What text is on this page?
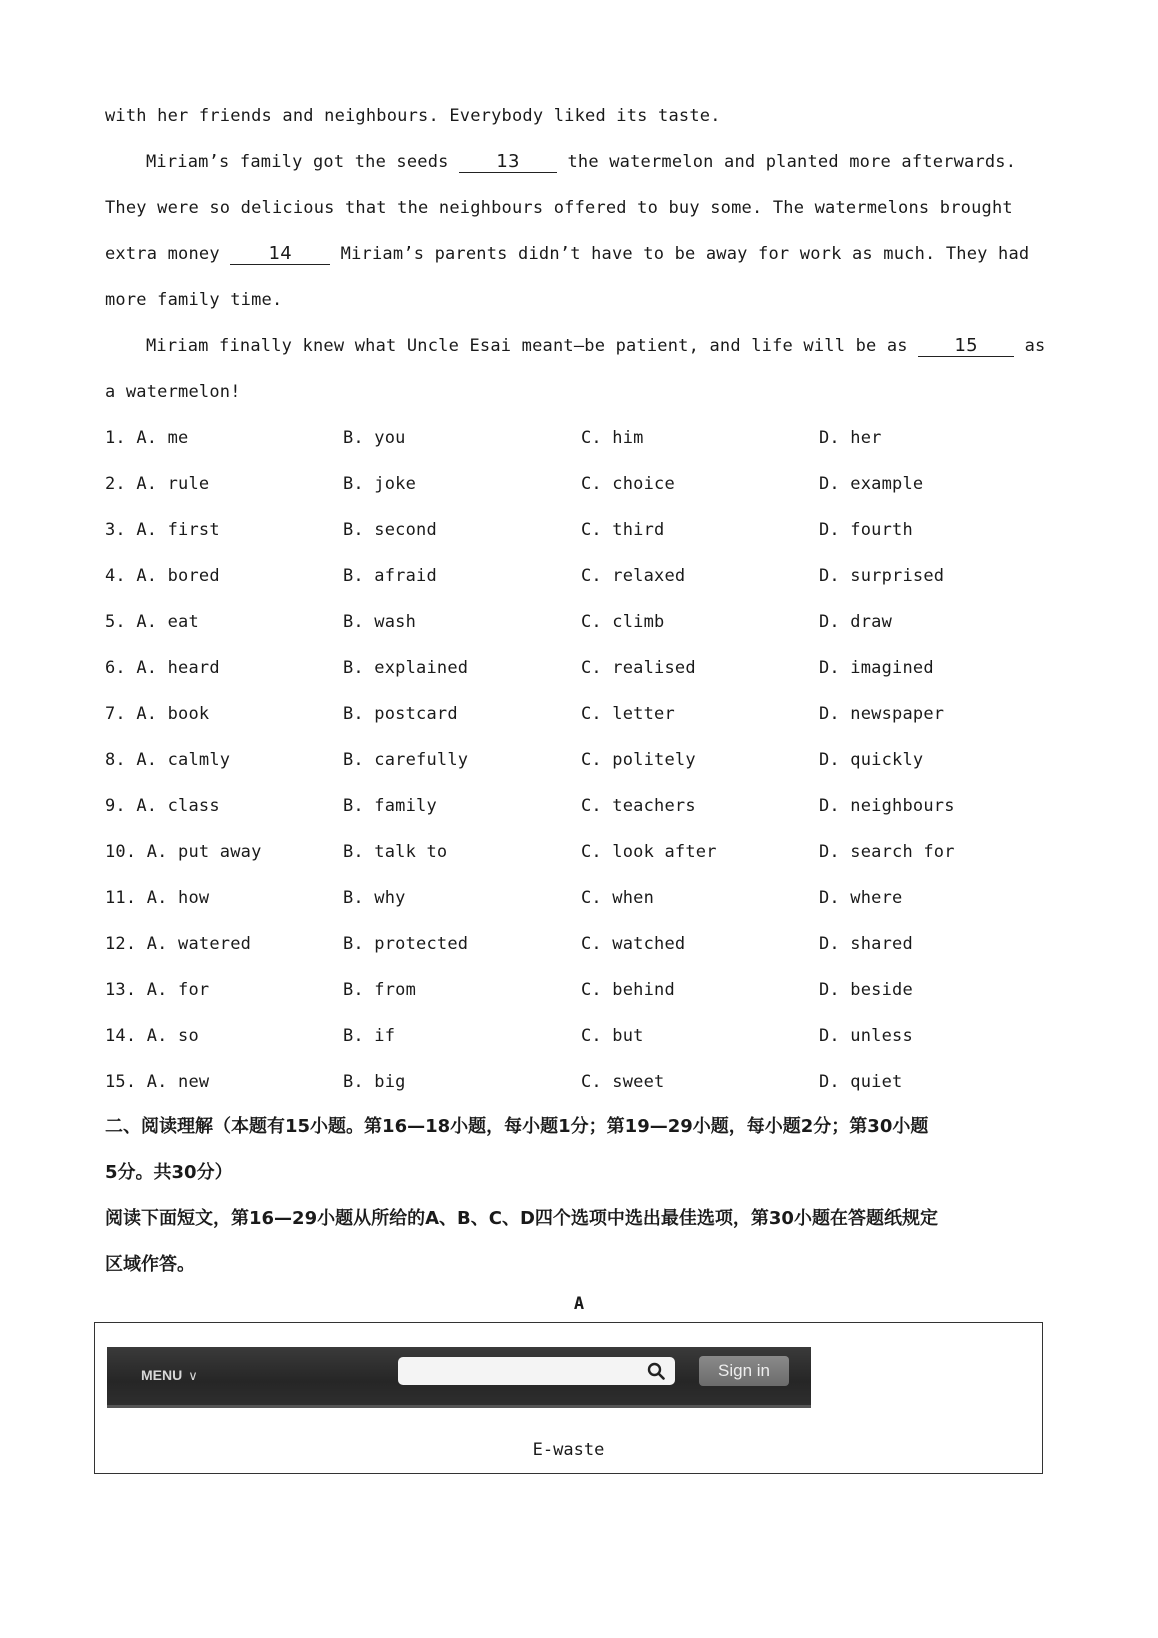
with her friends and neighbours. Everybody liked its taste.
Miriam’s family got the seeds 13 the watermelon and planted more afterwards.
They were so delicious that the neighbours offered to buy some. The watermelons brought
extra money 14 Miriam’s parents didn’t have to be away for work as much. They had
more family time.
Miriam finally knew what Uncle Esai meant—be patient, and life will be as 15 as
a watermelon!
1. A. me	B. you	C. him	D. her
2. A. rule	B. joke	C. choice	D. example
3. A. first	B. second	C. third	D. fourth
4. A. bored	B. afraid	C. relaxed	D. surprised
5. A. eat	B. wash	C. climb	D. draw
6. A. heard	B. explained	C. realised	D. imagined
7. A. book	B. postcard	C. letter	D. newspaper
8. A. calmly	B. carefully	C. politely	D. quickly
9. A. class	B. family	C. teachers	D. neighbours
10. A. put away	B. talk to	C. look after	D. search for
11. A. how	B. why	C. when	D. where
12. A. watered	B. protected	C. watched	D. shared
13. A. for	B. from	C. behind	D. beside
14. A. so	B. if	C. but	D. unless
15. A. new	B. big	C. sweet	D. quiet
二、阅读理解（本题有15小题。第16—18小题，每小题1分；第19—29小题，每小题2分；第30小题
5分。共30分）
阅读下面短文，第16—29小题从所给的A、B、C、D四个选项中选出最佳选项，第30小题在答题纸规定
区域作答。
A
MENU ∨	Sign in
E-waste
